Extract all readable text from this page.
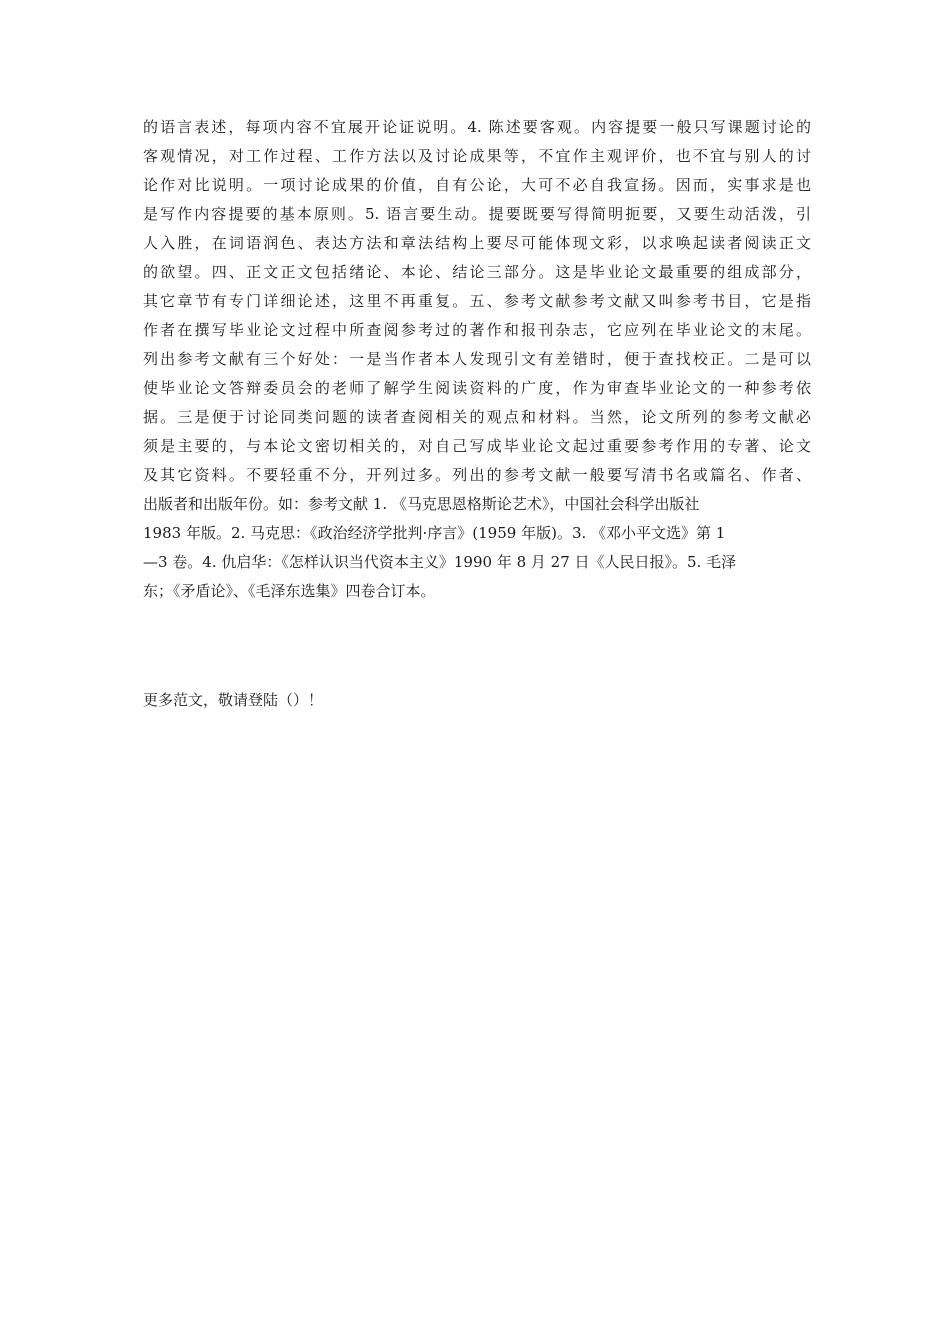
的语言表述，每项内容不宜展开论证说明。4. 陈述要客观。内容提要一般只写课题讨论的
客观情况，对工作过程、工作方法以及讨论成果等，不宜作主观评价，也不宜与别人的讨
论作对比说明。一项讨论成果的价值，自有公论，大可不必自我宣扬。因而，实事求是也
是写作内容提要的基本原则。5. 语言要生动。提要既要写得简明扼要，又要生动活泼，引
人入胜，在词语润色、表达方法和章法结构上要尽可能体现文彩，以求唤起读者阅读正文
的欲望。四、正文正文包括绪论、本论、结论三部分。这是毕业论文最重要的组成部分，
其它章节有专门详细论述，这里不再重复。五、参考文献参考文献又叫参考书目，它是指
作者在撰写毕业论文过程中所查阅参考过的著作和报刊杂志，它应列在毕业论文的末尾。
列出参考文献有三个好处：一是当作者本人发现引文有差错时，便于查找校正。二是可以
使毕业论文答辩委员会的老师了解学生阅读资料的广度，作为审查毕业论文的一种参考依
据。三是便于讨论同类问题的读者查阅相关的观点和材料。当然，论文所列的参考文献必
须是主要的，与本论文密切相关的，对自己写成毕业论文起过重要参考作用的专著、论文
及其它资料。不要轻重不分，开列过多。列出的参考文献一般要写清书名或篇名、作者、
出版者和出版年份。如：参考文献 1. 《马克思恩格斯论艺术》，中国社会科学出版社
1983 年版。2. 马克思：《政治经济学批判·序言》(1959 年版)。3. 《邓小平文选》第 1
—3 卷。4. 仇启华：《怎样认识当代资本主义》1990 年 8 月 27 日《人民日报》。5. 毛泽
东；《矛盾论》、《毛泽东选集》四卷合订本。
更多范文，敬请登陆（）！
